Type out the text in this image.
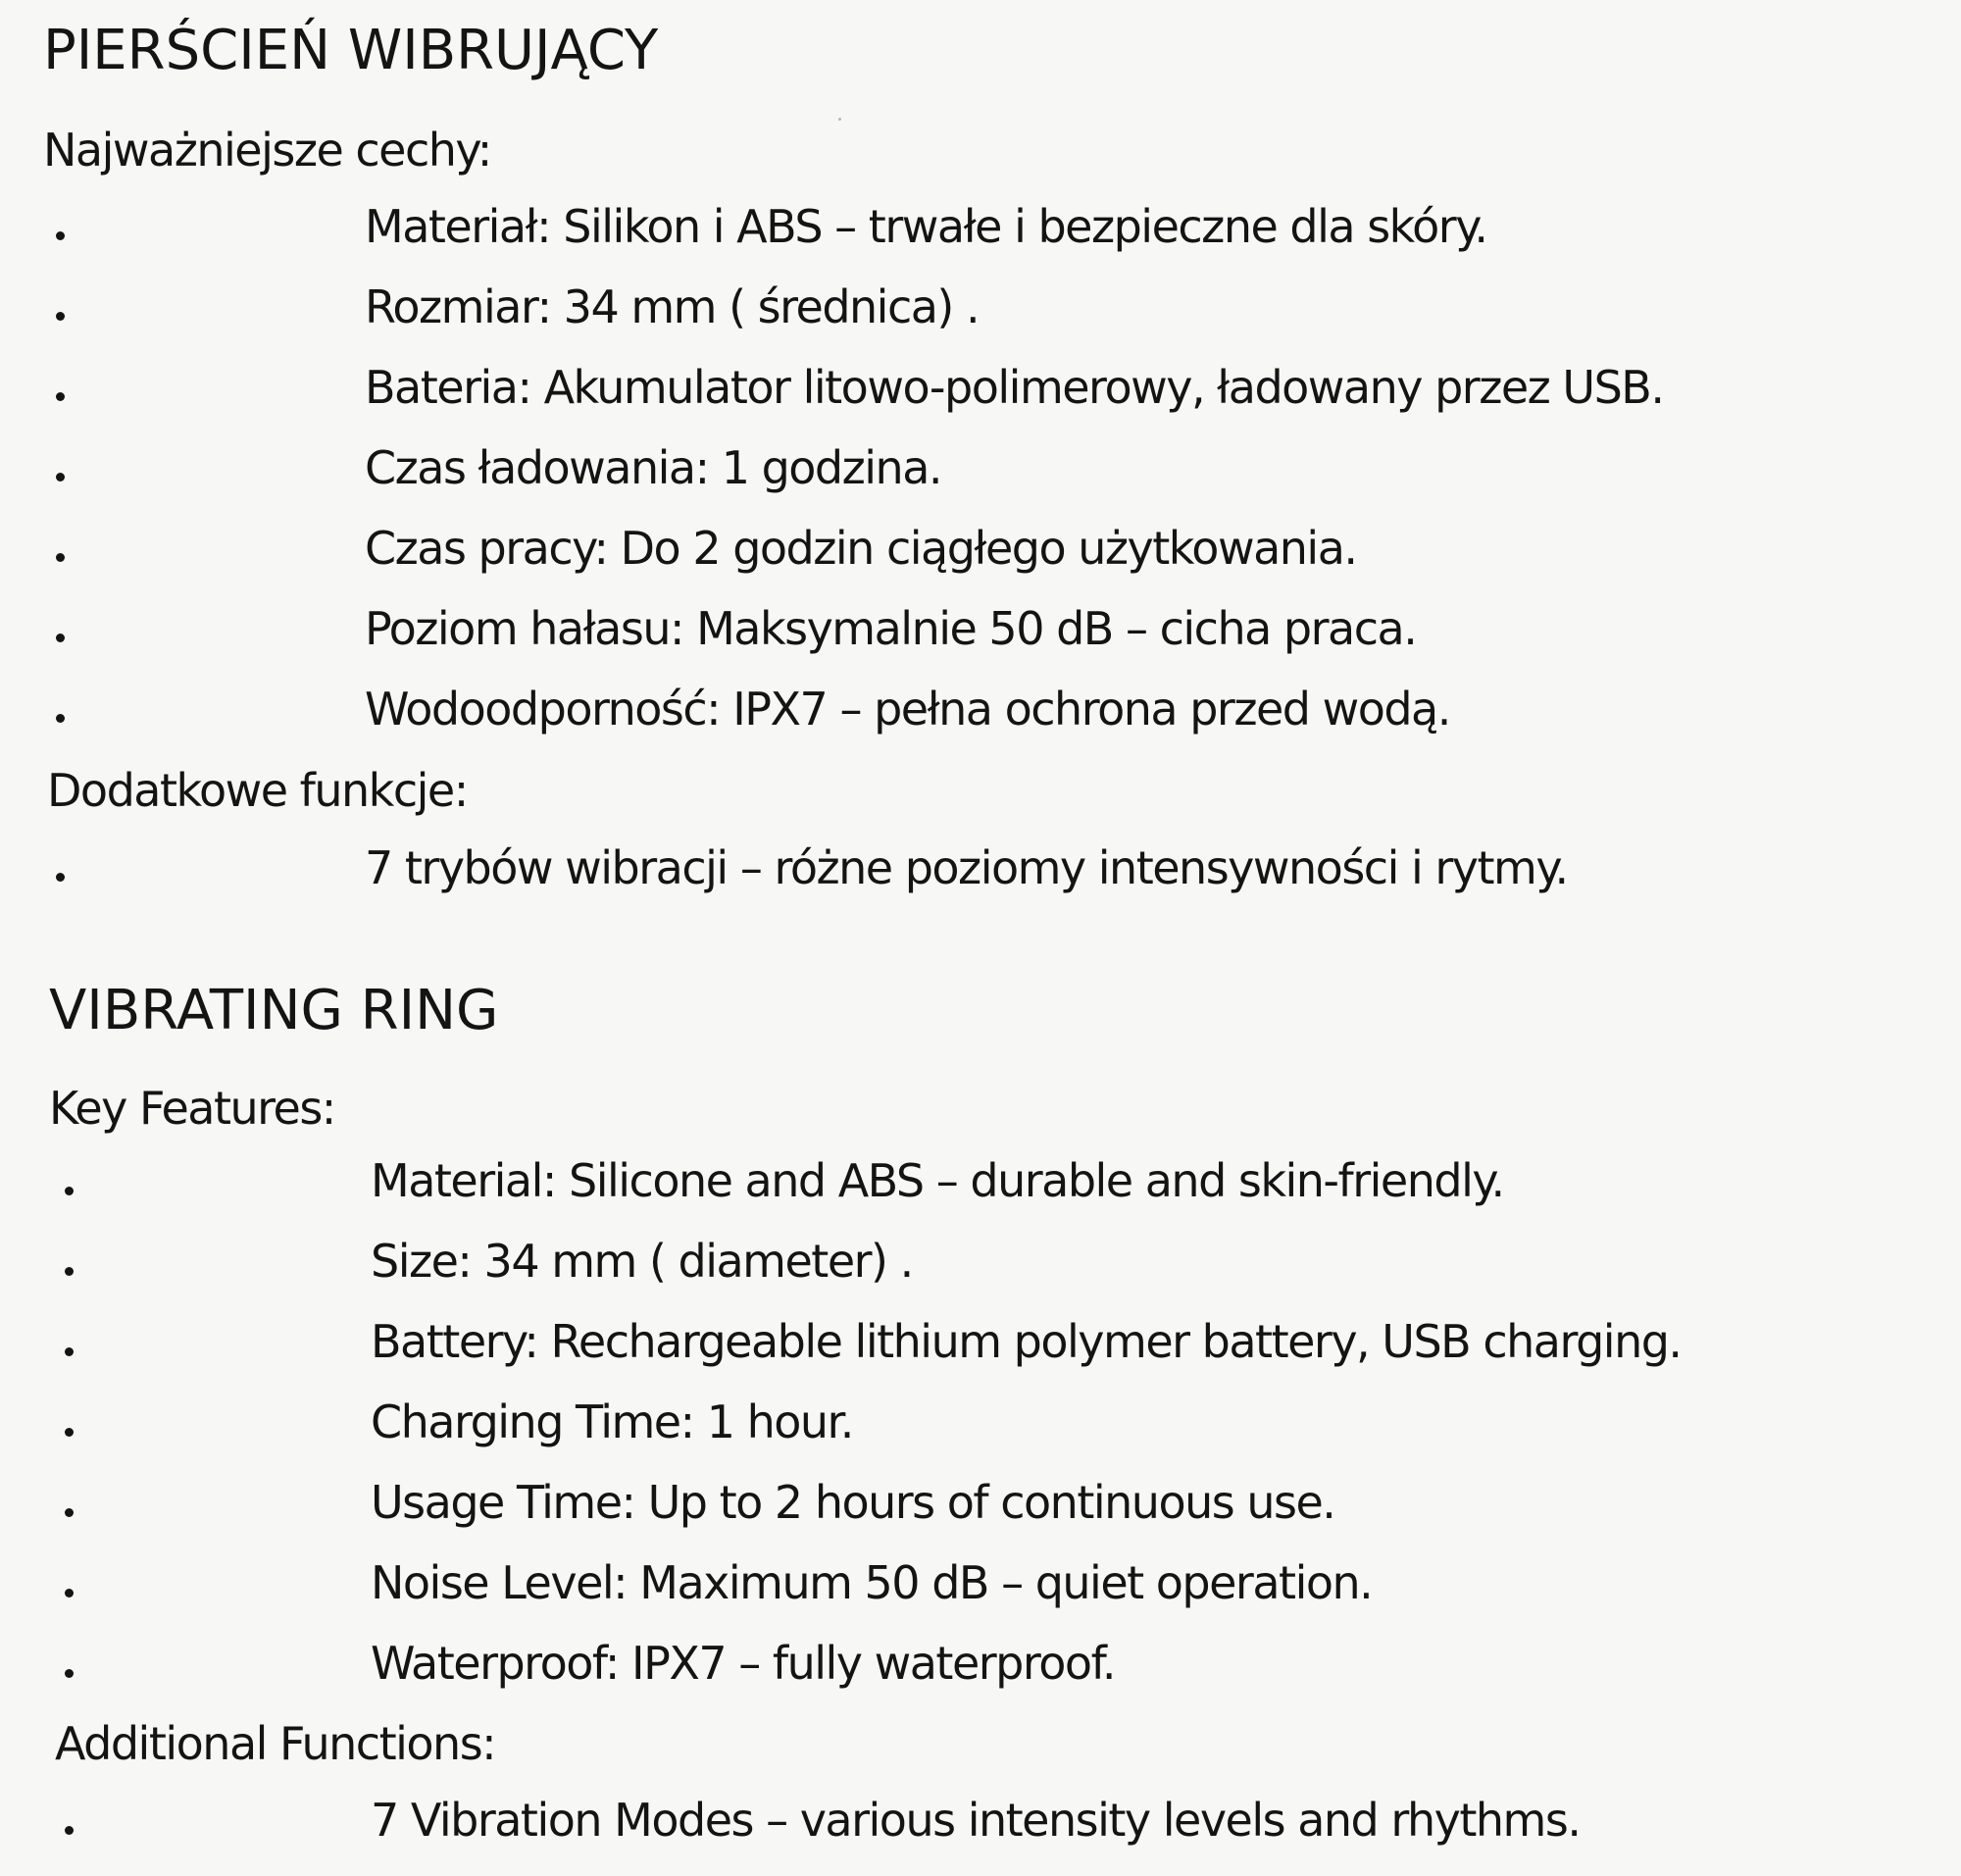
PIERŚCIEŃ WIBRUJĄCY
Najważniejsze cechy:
Materiał: Silikon i ABS – trwałe i bezpieczne dla skóry.
Rozmiar: 34 mm ( średnica) .
Bateria: Akumulator litowo-polimerowy, ładowany przez USB.
Czas ładowania: 1 godzina.
Czas pracy: Do 2 godzin ciągłego użytkowania.
Poziom hałasu: Maksymalnie 50 dB – cicha praca.
Wodoodporność: IPX7 – pełna ochrona przed wodą.
Dodatkowe funkcje:
7 trybów wibracji – różne poziomy intensywności i rytmy.
VIBRATING RING
Key Features:
Material: Silicone and ABS – durable and skin-friendly.
Size: 34 mm ( diameter) .
Battery: Rechargeable lithium polymer battery, USB charging.
Charging Time: 1 hour.
Usage Time: Up to 2 hours of continuous use.
Noise Level: Maximum 50 dB – quiet operation.
Waterproof: IPX7 – fully waterproof.
Additional Functions:
7 Vibration Modes – various intensity levels and rhythms.
